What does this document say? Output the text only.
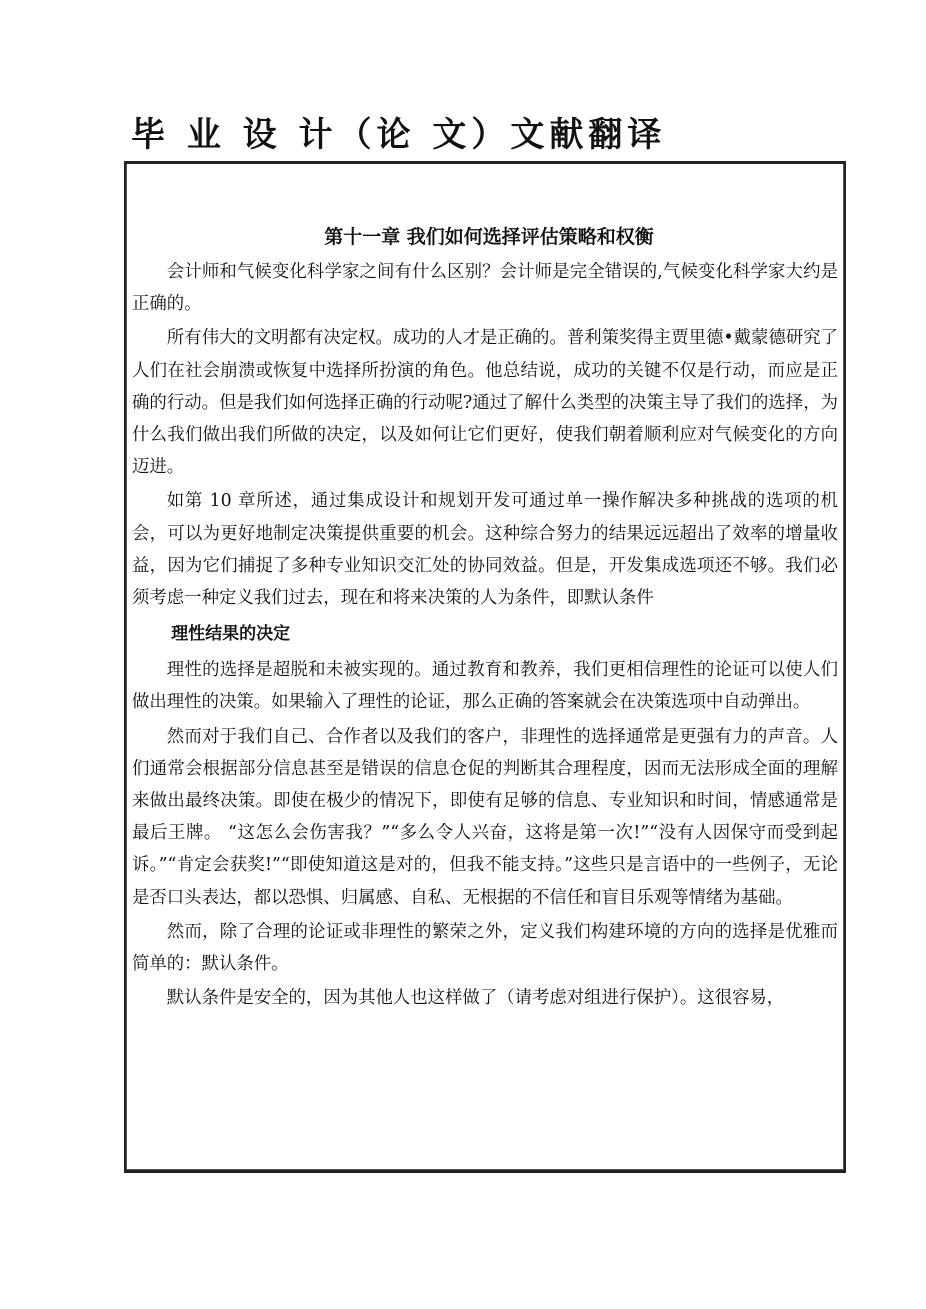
毕 业 设 计（论 文）文献翻译
第十一章 我们如何选择评估策略和权衡

会计师和气候变化科学家之间有什么区别？会计师是完全错误的,气候变化科学家大约是正确的。

所有伟大的文明都有决定权。成功的人才是正确的。普利策奖得主贾里德•戴蒙德研究了人们在社会崩溃或恢复中选择所扮演的角色。他总结说，成功的关键不仅是行动，而应是正确的行动。但是我们如何选择正确的行动呢?通过了解什么类型的决策主导了我们的选择，为什么我们做出我们所做的决定，以及如何让它们更好，使我们朝着顺利应对气候变化的方向迈进。

如第 10 章所述，通过集成设计和规划开发可通过单一操作解决多种挑战的选项的机会，可以为更好地制定决策提供重要的机会。这种综合努力的结果远远超出了效率的增量收益，因为它们捕捉了多种专业知识交汇处的协同效益。但是，开发集成选项还不够。我们必须考虑一种定义我们过去，现在和将来决策的人为条件，即默认条件

理性结果的决定

理性的选择是超脱和未被实现的。通过教育和教养，我们更相信理性的论证可以使人们做出理性的决策。如果输入了理性的论证，那么正确的答案就会在决策选项中自动弹出。

然而对于我们自己、合作者以及我们的客户，非理性的选择通常是更强有力的声音。人们通常会根据部分信息甚至是错误的信息仓促的判断其合理程度，因而无法形成全面的理解来做出最终决策。即使在极少的情况下，即使有足够的信息、专业知识和时间，情感通常是最后王牌。 “这怎么会伤害我？”“多么令人兴奋，这将是第一次!”“没有人因保守而受到起诉。”“肯定会获奖!”“即使知道这是对的，但我不能支持。”这些只是言语中的一些例子，无论是否口头表达，都以恐惧、归属感、自私、无根据的不信任和盲目乐观等情绪为基础。

然而，除了合理的论证或非理性的繁荣之外，定义我们构建环境的方向的选择是优雅而简单的：默认条件。

默认条件是安全的，因为其他人也这样做了（请考虑对组进行保护）。这很容易，
